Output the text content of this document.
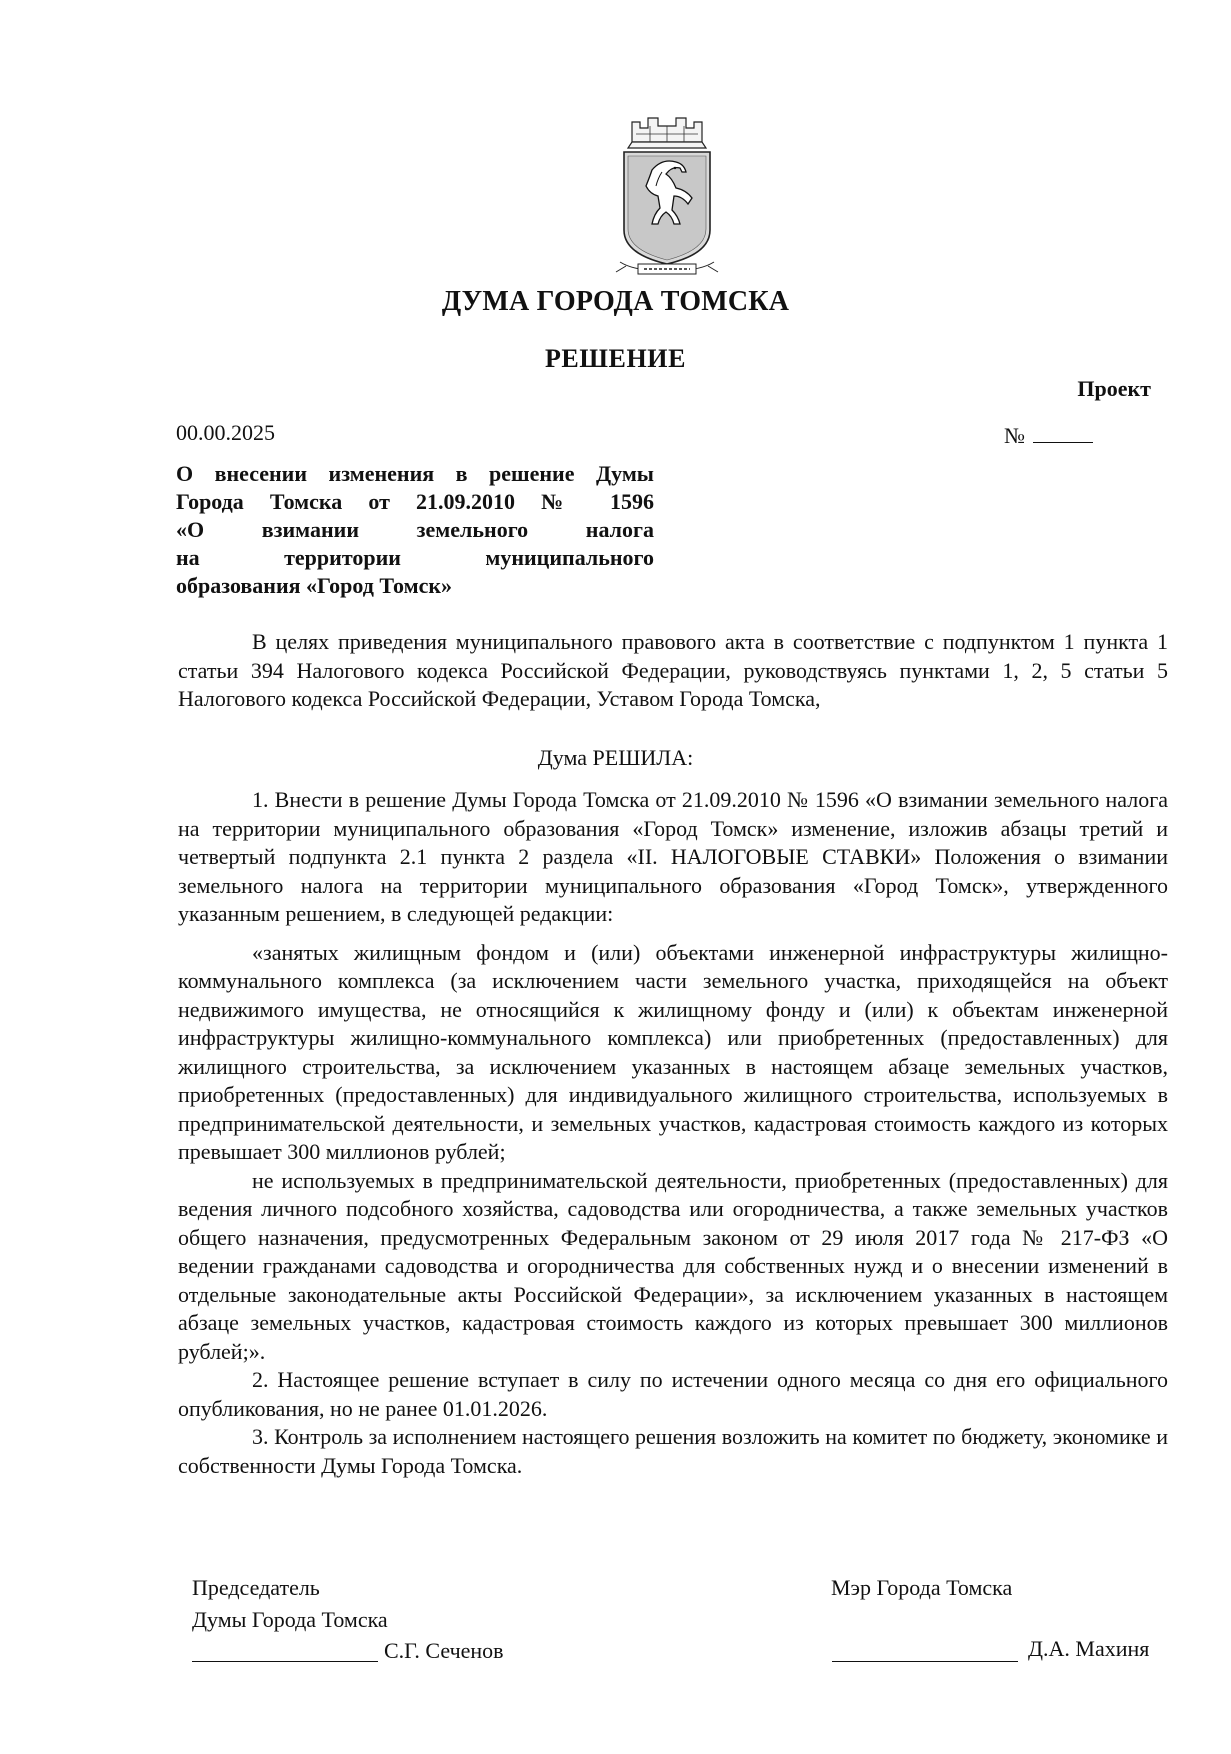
ДУМА ГОРОДА ТОМСКА
РЕШЕНИЕ
Проект
00.00.2025	№
О внесении изменения в решение Думы
Города Томска от 21.09.2010 № 1596
«О взимании земельного налога
на территории муниципального
образования «Город Томск»

В целях приведения муниципального правового акта в соответствие с подпунктом 1 пункта 1 статьи 394 Налогового кодекса Российской Федерации, руководствуясь пунктами 1, 2, 5 статьи 5 Налогового кодекса Российской Федерации, Уставом Города Томска,

Дума РЕШИЛА:

1. Внести в решение Думы Города Томска от 21.09.2010 № 1596 «О взимании земельного налога на территории муниципального образования «Город Томск» изменение, изложив абзацы третий и четвертый подпункта 2.1 пункта 2 раздела «II. НАЛОГОВЫЕ СТАВКИ» Положения о взимании земельного налога на территории муниципального образования «Город Томск», утвержденного указанным решением, в следующей редакции:

«занятых жилищным фондом и (или) объектами инженерной инфраструктуры жилищно-коммунального комплекса (за исключением части земельного участка, приходящейся на объект недвижимого имущества, не относящийся к жилищному фонду и (или) к объектам инженерной инфраструктуры жилищно-коммунального комплекса) или приобретенных (предоставленных) для жилищного строительства, за исключением указанных в настоящем абзаце земельных участков, приобретенных (предоставленных) для индивидуального жилищного строительства, используемых в предпринимательской деятельности, и земельных участков, кадастровая стоимость каждого из которых превышает 300 миллионов рублей;

не используемых в предпринимательской деятельности, приобретенных (предоставленных) для ведения личного подсобного хозяйства, садоводства или огородничества, а также земельных участков общего назначения, предусмотренных Федеральным законом от 29 июля 2017 года № 217-ФЗ «О ведении гражданами садоводства и огородничества для собственных нужд и о внесении изменений в отдельные законодательные акты Российской Федерации», за исключением указанных в настоящем абзаце земельных участков, кадастровая стоимость каждого из которых превышает 300 миллионов рублей;».

2. Настоящее решение вступает в силу по истечении одного месяца со дня его официального опубликования, но не ранее 01.01.2026.

3. Контроль за исполнением настоящего решения возложить на комитет по бюджету, экономике и собственности Думы Города Томска.

Председатель
Думы Города Томска
С.Г. Сеченов
Мэр Города Томска
Д.А. Махиня
